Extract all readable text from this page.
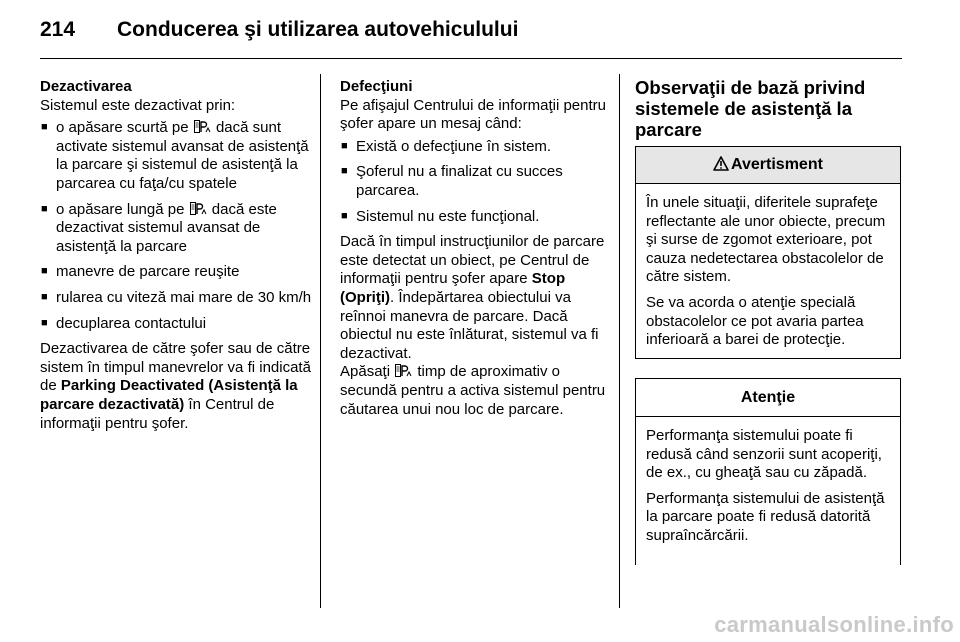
214 Conducerea şi utilizarea autovehiculului

Dezactivarea

Sistemul este dezactivat prin:

■ o apăsare scurtă pe dacă sunt activate sistemul avansat de asistenţă la parcare şi sistemul de asistenţă la parcarea cu faţa/cu spatele
■ o apăsare lungă pe dacă este dezactivat sistemul avansat de asistenţă la parcare
■ manevre de parcare reuşite
■ rularea cu viteză mai mare de 30 km/h
■ decuplarea contactului

Dezactivarea de către şofer sau de către sistem în timpul manevrelor va fi indicată de Parking Deactivated (Asistenţă la parcare dezactivată) în Centrul de informaţii pentru şofer.

Defecţiuni

Pe afişajul Centrului de informaţii pentru şofer apare un mesaj când:

■ Există o defecţiune în sistem.
■ Şoferul nu a finalizat cu succes parcarea.
■ Sistemul nu este funcţional.

Dacă în timpul instrucţiunilor de parcare este detectat un obiect, pe Centrul de informaţii pentru şofer apare Stop (Opriţi). Îndepărtarea obiectului va reînnoi manevra de parcare. Dacă obiectul nu este înlăturat, sistemul va fi dezactivat.
Apăsaţi timp de aproximativ o secundă pentru a activa sistemul pentru căutarea unui nou loc de parcare.

Observaţii de bază privind sistemele de asistenţă la parcare
Avertisment

În unele situaţii, diferitele suprafeţe reflectante ale unor obiecte, precum şi surse de zgomot exterioare, pot cauza nedetectarea obstacolelor de către sistem.

Se va acorda o atenţie specială obstacolelor ce pot avaria partea inferioară a barei de protecţie.

Atenţie

Performanţa sistemului poate fi redusă când senzorii sunt acoperiţi, de ex., cu gheaţă sau cu zăpadă.

Performanţa sistemului de asistenţă la parcare poate fi redusă datorită supraîncărcării.

carmanualsonline.info
